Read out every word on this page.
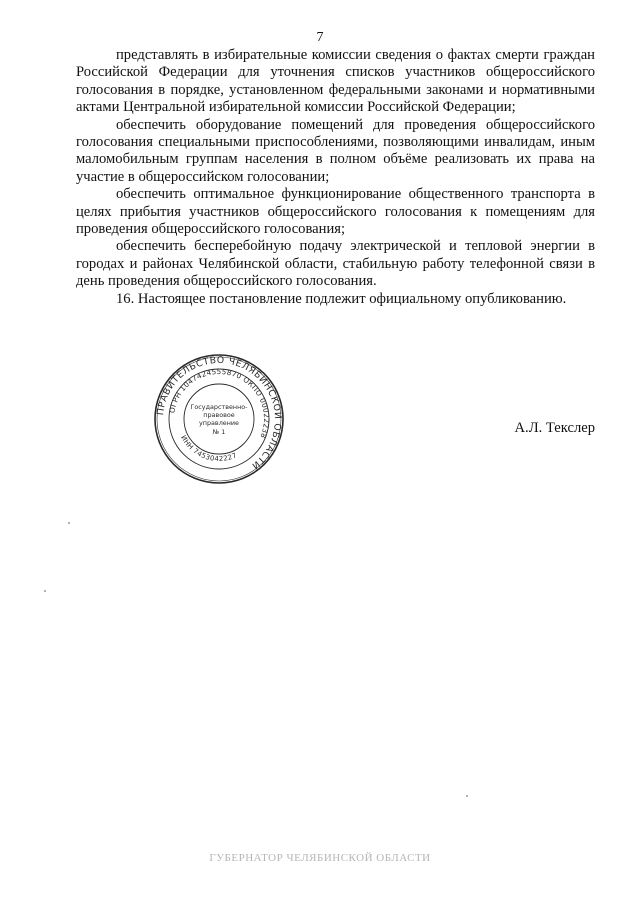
7

представлять в избирательные комиссии сведения о фактах смерти граждан Российской Федерации для уточнения списков участников общероссийского голосования в порядке, установленном федеральными законами и нормативными актами Центральной избирательной комиссии Российской Федерации;

обеспечить оборудование помещений для проведения общероссийского голосования специальными приспособлениями, позволяющими инвалидам, иным маломобильным группам населения в полном объёме реализовать их права на участие в общероссийском голосовании;

обеспечить оптимальное функционирование общественного транспорта в целях прибытия участников общероссийского голосования к помещениям для проведения общероссийского голосования;

обеспечить бесперебойную подачу электрической и тепловой энергии в городах и районах Челябинской области, стабильную работу телефонной связи в день проведения общероссийского голосования.

16. Настоящее постановление подлежит официальному опубликованию.

ПРАВИТЕЛЬСТВО ЧЕЛЯБИНСКОЙ ОБЛАСТИ
ОГРН 1047424555870 ОКПО 00022238
ИНН 7453042227
Государственно-
правовое
управление
№ 1	А.Л. Текслер
ГУБЕРНАТОР ЧЕЛЯБИНСКОЙ ОБЛАСТИ
